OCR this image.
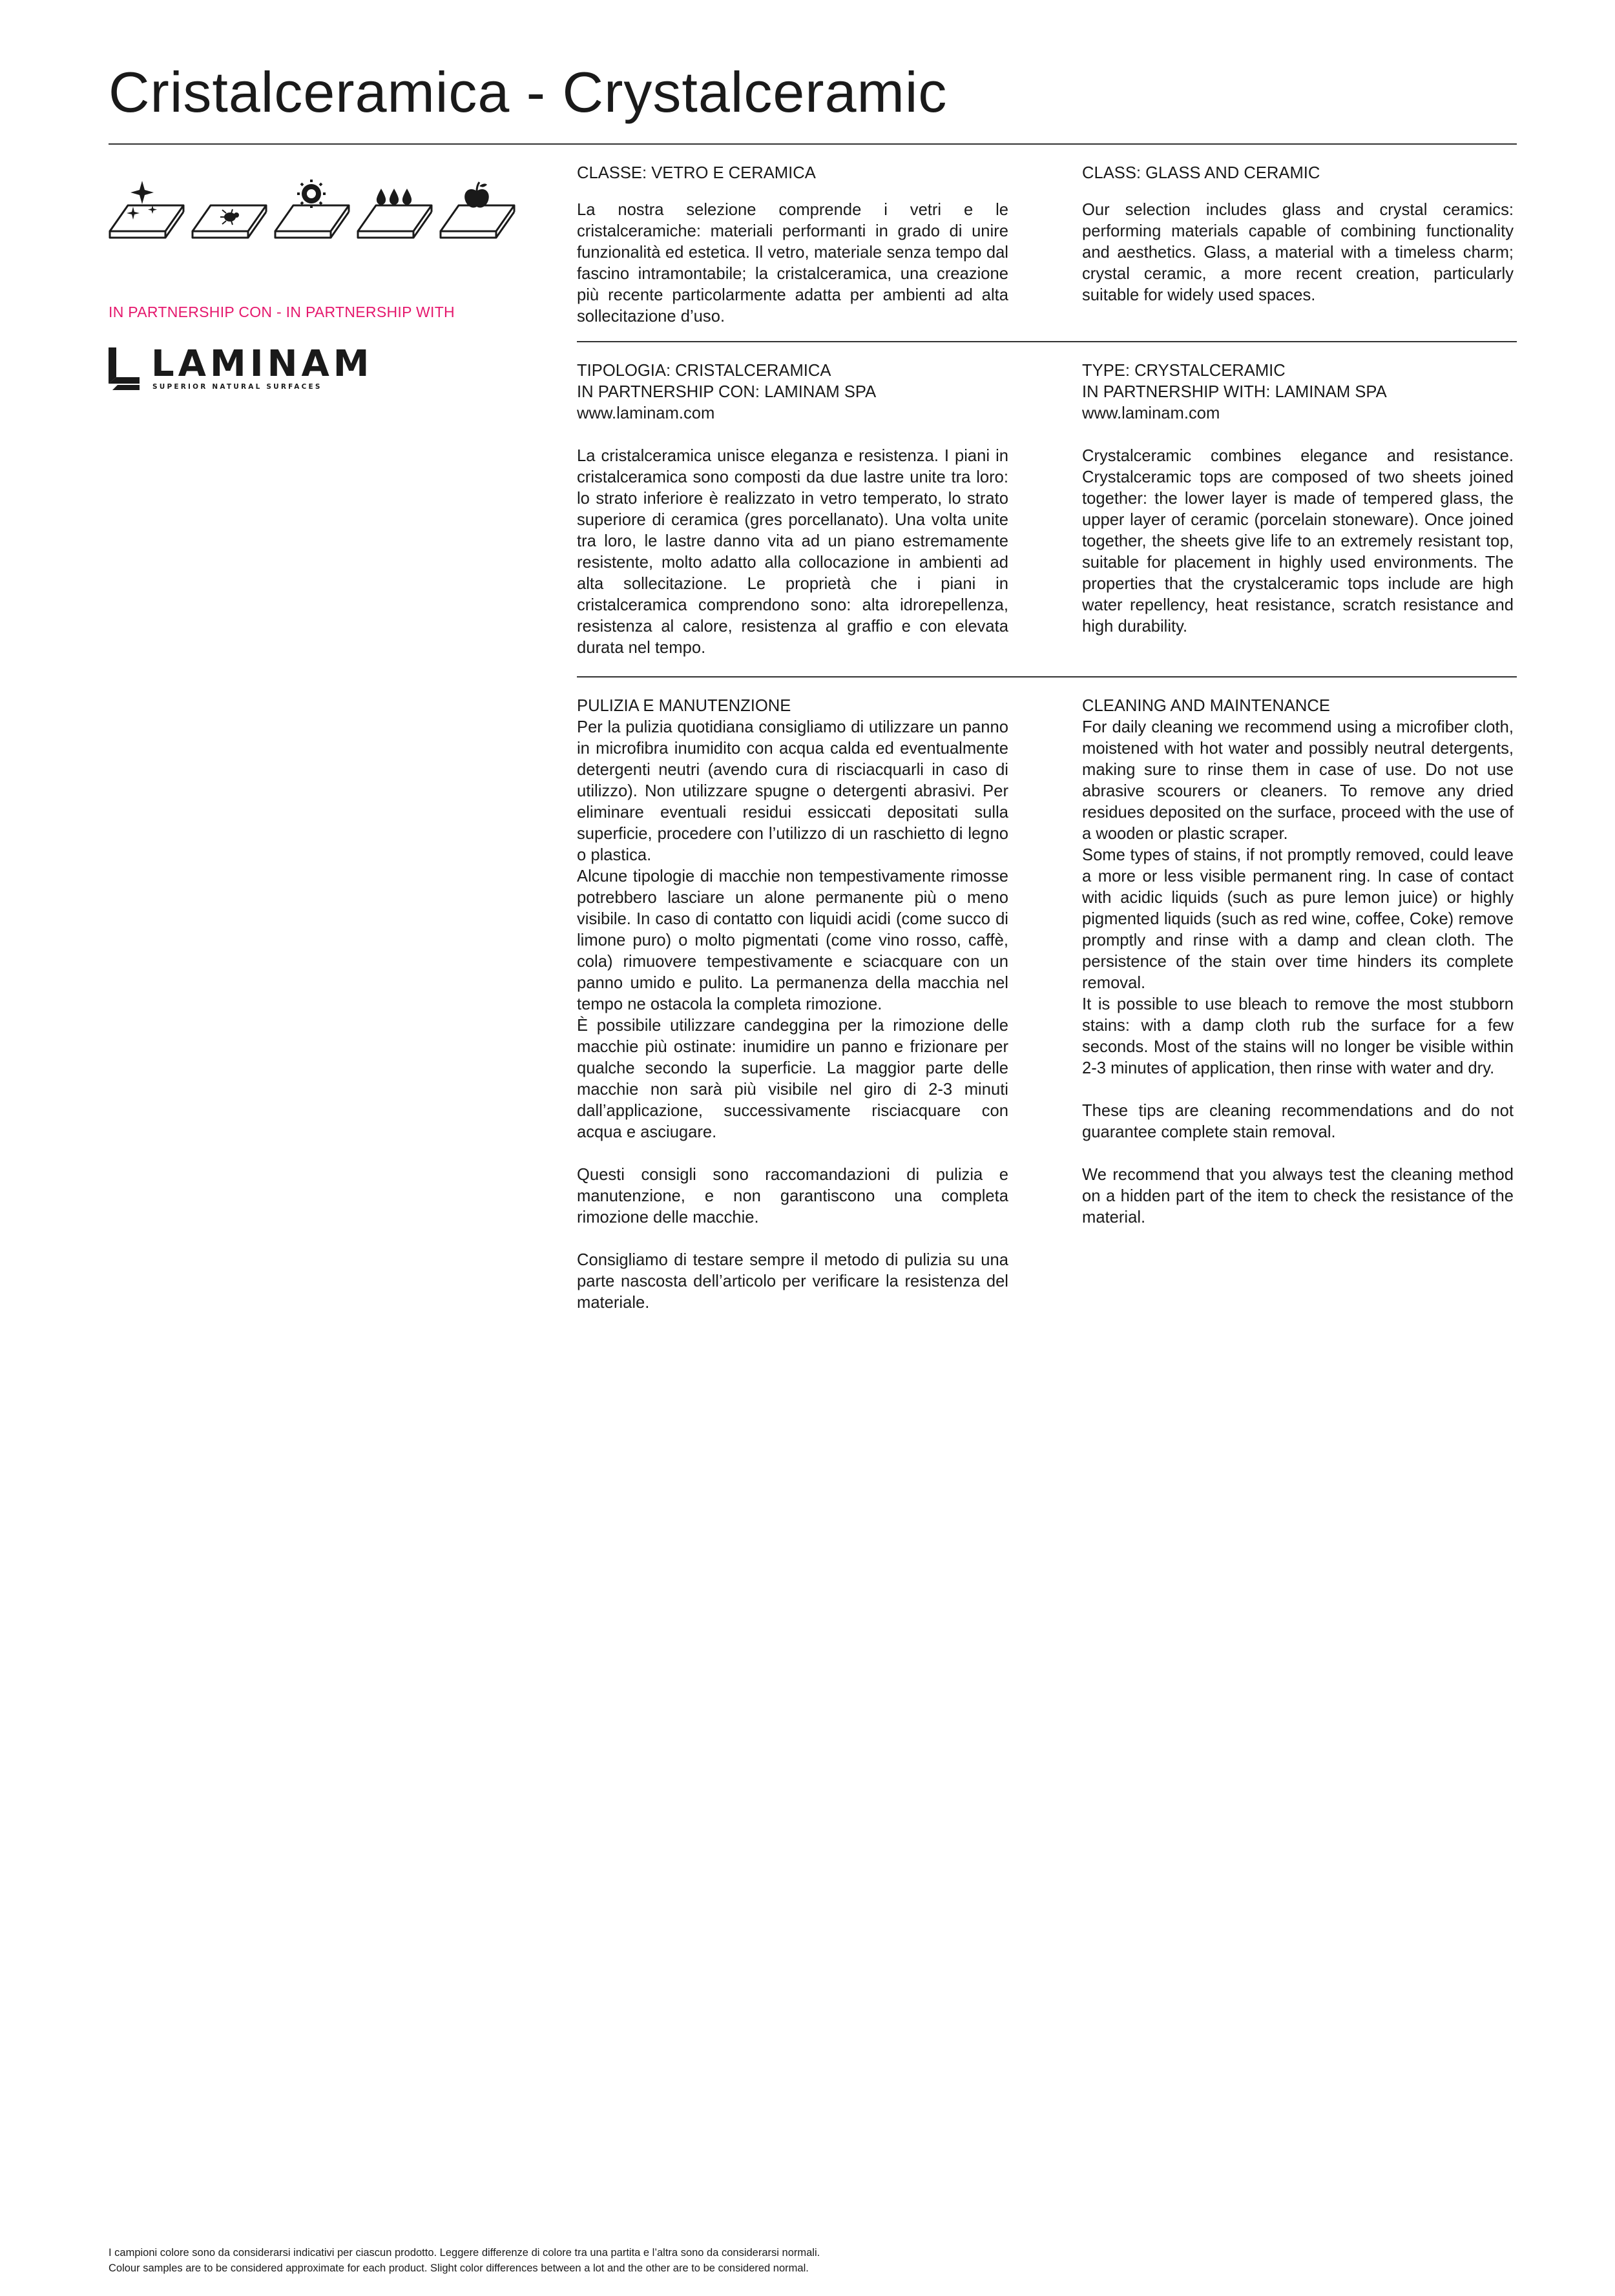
Cristalceramica - Crystalceramic
IN PARTNERSHIP CON - IN PARTNERSHIP WITH
LAMINAM
SUPERIOR NATURAL SURFACES

CLASSE: VETRO E CERAMICA

La nostra selezione comprende i vetri e le cristalceramiche: materiali performanti in grado di unire funzionalità ed estetica. Il vetro, materiale senza tempo dal fascino intramontabile; la cristalceramica, una creazione più recente particolarmente adatta per ambienti ad alta sollecitazione d’uso.

CLASS: GLASS AND CERAMIC

Our selection includes glass and crystal ceramics: performing materials capable of combining functionality and aesthetics. Glass, a material with a timeless charm; crystal ceramic, a more recent creation, particularly suitable for widely used spaces.

TIPOLOGIA: CRISTALCERAMICA

IN PARTNERSHIP CON: LAMINAM SPA

www.laminam.com

La cristalceramica unisce eleganza e resistenza. I piani in cristalceramica sono composti da due lastre unite tra loro: lo strato inferiore è realizzato in vetro temperato, lo strato superiore di ceramica (gres porcellanato). Una volta unite tra loro, le lastre danno vita ad un piano estremamente resistente, molto adatto alla collocazione in ambienti ad alta sollecitazione. Le proprietà che i piani in cristalceramica comprendono sono: alta idrorepellenza, resistenza al calore, resistenza al graffio e con elevata durata nel tempo.

TYPE: CRYSTALCERAMIC

IN PARTNERSHIP WITH: LAMINAM SPA

www.laminam.com

Crystalceramic combines elegance and resistance. Crystalceramic tops are composed of two sheets joined together: the lower layer is made of tempered glass, the upper layer of ceramic (porcelain stoneware). Once joined together, the sheets give life to an extremely resistant top, suitable for placement in highly used environments. The properties that the crystalceramic tops include are high water repellency, heat resistance, scratch resistance and high durability.

PULIZIA E MANUTENZIONE

Per la pulizia quotidiana consigliamo di utilizzare un panno in microfibra inumidito con acqua calda ed eventualmente detergenti neutri (avendo cura di risciacquarli in caso di utilizzo). Non utilizzare spugne o detergenti abrasivi. Per eliminare eventuali residui essiccati depositati sulla superficie, procedere con l’utilizzo di un raschietto di legno o plastica.

Alcune tipologie di macchie non tempestivamente rimosse potrebbero lasciare un alone permanente più o meno visibile. In caso di contatto con liquidi acidi (come succo di limone puro) o molto pigmentati (come vino rosso, caffè, cola) rimuovere tempestivamente e sciacquare con un panno umido e pulito. La permanenza della macchia nel tempo ne ostacola la completa rimozione.

È possibile utilizzare candeggina per la rimozione delle macchie più ostinate: inumidire un panno e frizionare per qualche secondo la superficie. La maggior parte delle macchie non sarà più visibile nel giro di 2-3 minuti dall’applicazione, successivamente risciacquare con acqua e asciugare.

Questi consigli sono raccomandazioni di pulizia e manutenzione, e non garantiscono una completa rimozione delle macchie.

Consigliamo di testare sempre il metodo di pulizia su una parte nascosta dell’articolo per verificare la resistenza del materiale.

CLEANING AND MAINTENANCE

For daily cleaning we recommend using a microfiber cloth, moistened with hot water and possibly neutral detergents, making sure to rinse them in case of use. Do not use abrasive scourers or cleaners. To remove any dried residues deposited on the surface, proceed with the use of a wooden or plastic scraper.

Some types of stains, if not promptly removed, could leave a more or less visible permanent ring. In case of contact with acidic liquids (such as pure lemon juice) or highly pigmented liquids (such as red wine, coffee, Coke) remove promptly and rinse with a damp and clean cloth. The persistence of the stain over time hinders its complete removal.

It is possible to use bleach to remove the most stubborn stains: with a damp cloth rub the surface for a few seconds. Most of the stains will no longer be visible within 2-3 minutes of application, then rinse with water and dry.

These tips are cleaning recommendations and do not guarantee complete stain removal.

We recommend that you always test the cleaning method on a hidden part of the item to check the resistance of the material.

I campioni colore sono da considerarsi indicativi per ciascun prodotto. Leggere differenze di colore tra una partita e l’altra sono da considerarsi normali.
Colour samples are to be considered approximate for each product. Slight color differences between a lot and the other are to be considered normal.
